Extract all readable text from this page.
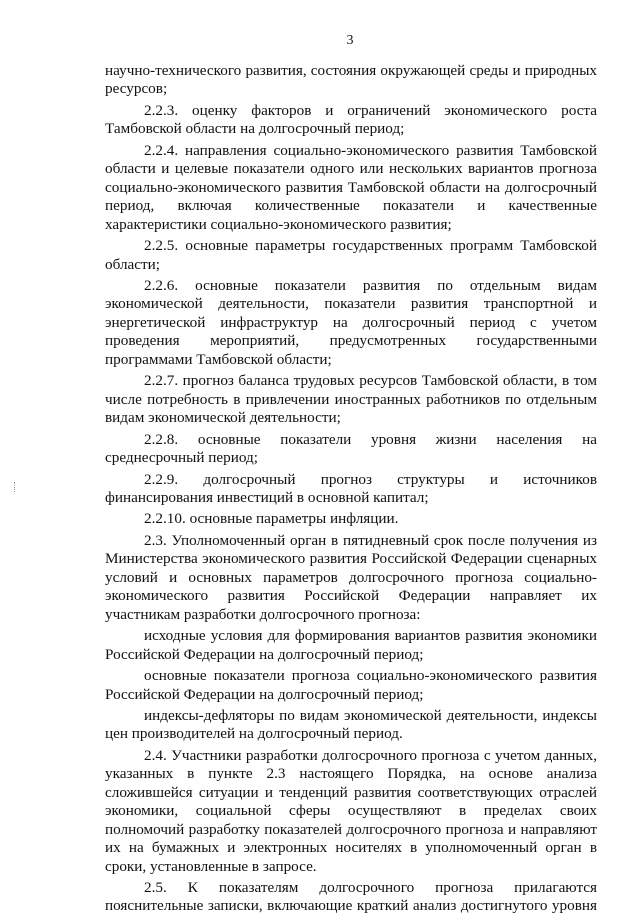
3

научно-технического развития, состояния окружающей среды и природных ресурсов;

2.2.3. оценку факторов и ограничений экономического роста Тамбовской области на долгосрочный период;

2.2.4. направления социально-экономического развития Тамбовской области и целевые показатели одного или нескольких вариантов прогноза социально-экономического развития Тамбовской области на долгосрочный период, включая количественные показатели и качественные характеристики социально-экономического развития;

2.2.5. основные параметры государственных программ Тамбовской области;

2.2.6. основные показатели развития по отдельным видам экономической деятельности, показатели развития транспортной и энергетической инфраструктур на долгосрочный период с учетом проведения мероприятий, предусмотренных государственными программами Тамбовской области;

2.2.7. прогноз баланса трудовых ресурсов Тамбовской области, в том числе потребность в привлечении иностранных работников по отдельным видам экономической деятельности;

2.2.8. основные показатели уровня жизни населения на среднесрочный период;

2.2.9. долгосрочный прогноз структуры и источников финансирования инвестиций в основной капитал;

2.2.10. основные параметры инфляции.

2.3. Уполномоченный орган в пятидневный срок после получения из Министерства экономического развития Российской Федерации сценарных условий и основных параметров долгосрочного прогноза социально-экономического развития Российской Федерации направляет их участникам разработки долгосрочного прогноза:

исходные условия для формирования вариантов развития экономики Российской Федерации на долгосрочный период;

основные показатели прогноза социально-экономического развития Российской Федерации на долгосрочный период;

индексы-дефляторы по видам экономической деятельности, индексы цен производителей на долгосрочный период.

2.4. Участники разработки долгосрочного прогноза с учетом данных, указанных в пункте 2.3 настоящего Порядка, на основе анализа сложившейся ситуации и тенденций развития соответствующих отраслей экономики, социальной сферы осуществляют в пределах своих полномочий разработку показателей долгосрочного прогноза и направляют их на бумажных и электронных носителях в уполномоченный орган в сроки, установленные в запросе.

2.5. К показателям долгосрочного прогноза прилагаются пояснительные записки, включающие краткий анализ достигнутого уровня
